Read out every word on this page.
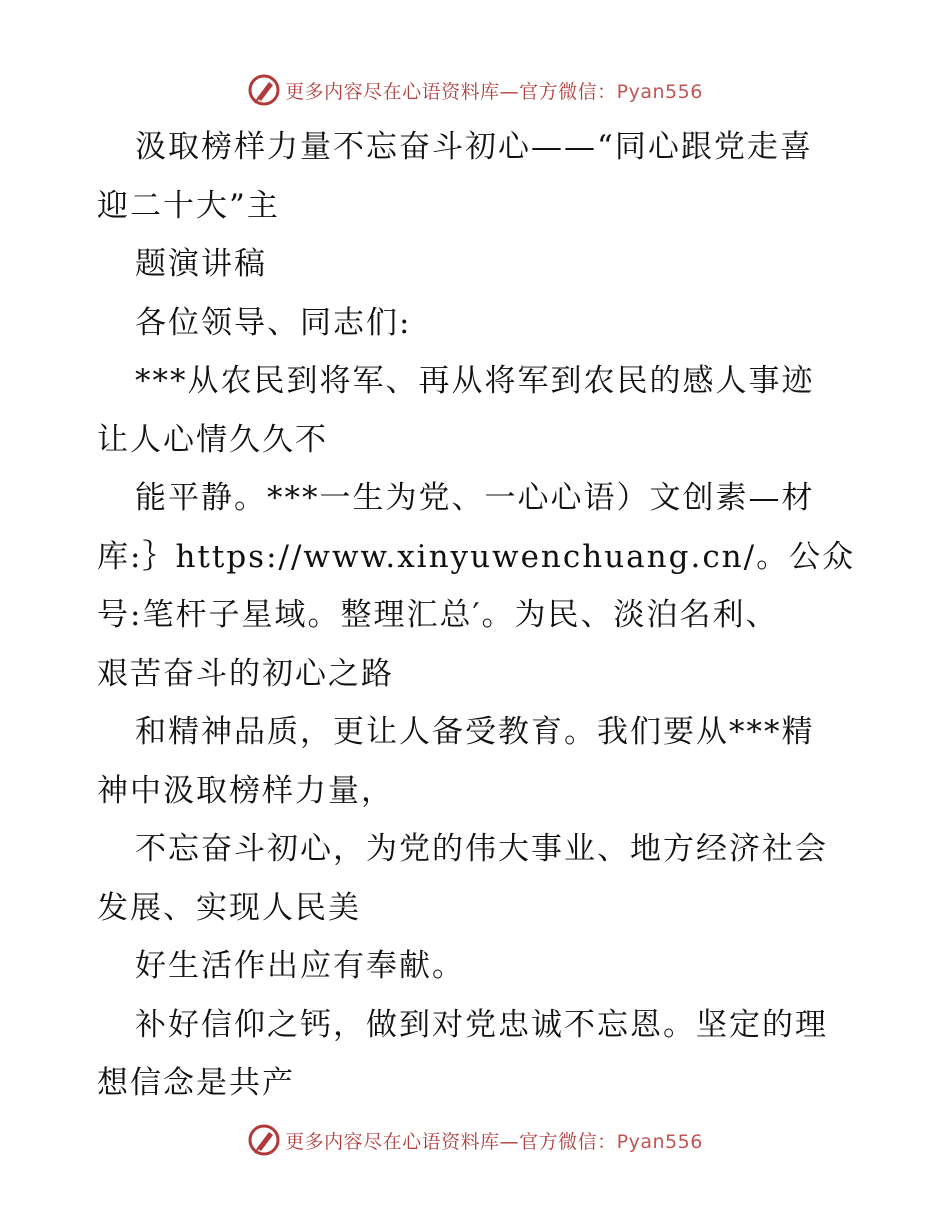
更多内容尽在心语资料库—官方微信：Pyan556
汲取榜样力量不忘奋斗初心——“同心跟党走喜
迎二十大”主
题演讲稿
各位领导、同志们:
***从农民到将军、再从将军到农民的感人事迹
让人心情久久不
能平静。***一生为党、一心心语）文创素—材
库:｝https://www.xinyuwenchuang.cn/。公众
号:笔杆子星域。整理汇总′。为民、淡泊名利、
艰苦奋斗的初心之路
和精神品质，更让人备受教育。我们要从***精
神中汲取榜样力量，
不忘奋斗初心，为党的伟大事业、地方经济社会
发展、实现人民美
好生活作出应有奉献。
补好信仰之钙，做到对党忠诚不忘恩。坚定的理
想信念是共产
更多内容尽在心语资料库—官方微信：Pyan556
